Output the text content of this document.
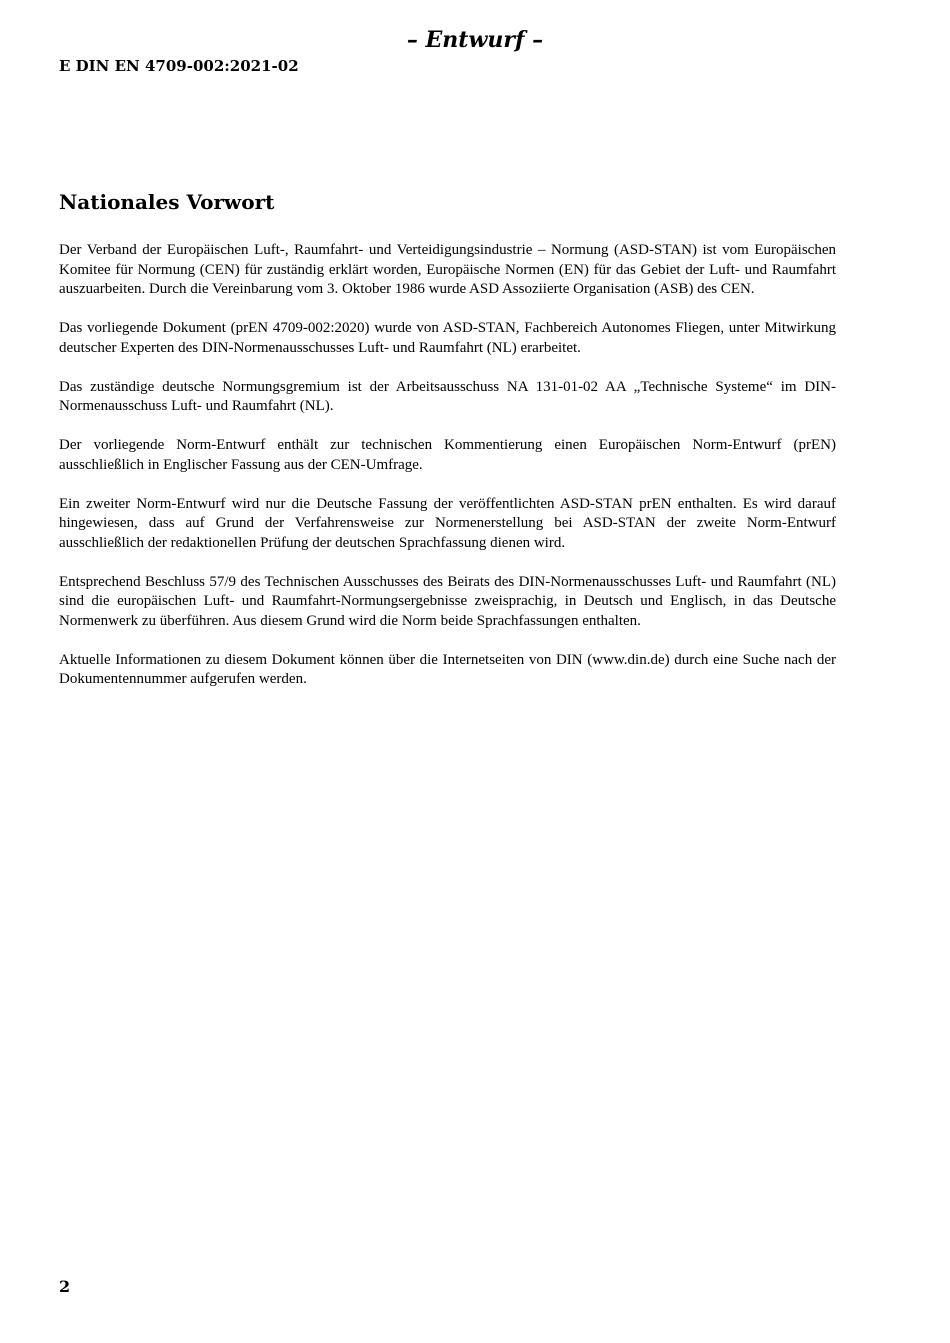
– Entwurf –
E DIN EN 4709-002:2021-02
Nationales Vorwort

Der Verband der Europäischen Luft-, Raumfahrt- und Verteidigungsindustrie – Normung (ASD-STAN) ist vom Europäischen Komitee für Normung (CEN) für zuständig erklärt worden, Europäische Normen (EN) für das Gebiet der Luft- und Raumfahrt auszuarbeiten. Durch die Vereinbarung vom 3. Oktober 1986 wurde ASD Assoziierte Organisation (ASB) des CEN.

Das vorliegende Dokument (prEN 4709-002:2020) wurde von ASD-STAN, Fachbereich Autonomes Fliegen, unter Mitwirkung deutscher Experten des DIN-Normenausschusses Luft- und Raumfahrt (NL) erarbeitet.

Das zuständige deutsche Normungsgremium ist der Arbeitsausschuss NA 131-01-02 AA „Technische Systeme“ im DIN-Normenausschuss Luft- und Raumfahrt (NL).

Der vorliegende Norm-Entwurf enthält zur technischen Kommentierung einen Europäischen Norm-Entwurf (prEN) ausschließlich in Englischer Fassung aus der CEN-Umfrage.

Ein zweiter Norm-Entwurf wird nur die Deutsche Fassung der veröffentlichten ASD-STAN prEN enthalten. Es wird darauf hingewiesen, dass auf Grund der Verfahrensweise zur Normenerstellung bei ASD-STAN der zweite Norm-Entwurf ausschließlich der redaktionellen Prüfung der deutschen Sprachfassung dienen wird.

Entsprechend Beschluss 57/9 des Technischen Ausschusses des Beirats des DIN-Normenausschusses Luft- und Raumfahrt (NL) sind die europäischen Luft- und Raumfahrt-Normungsergebnisse zweisprachig, in Deutsch und Englisch, in das Deutsche Normenwerk zu überführen. Aus diesem Grund wird die Norm beide Sprachfassungen enthalten.

Aktuelle Informationen zu diesem Dokument können über die Internetseiten von DIN (www.din.de) durch eine Suche nach der Dokumentennummer aufgerufen werden.

2
